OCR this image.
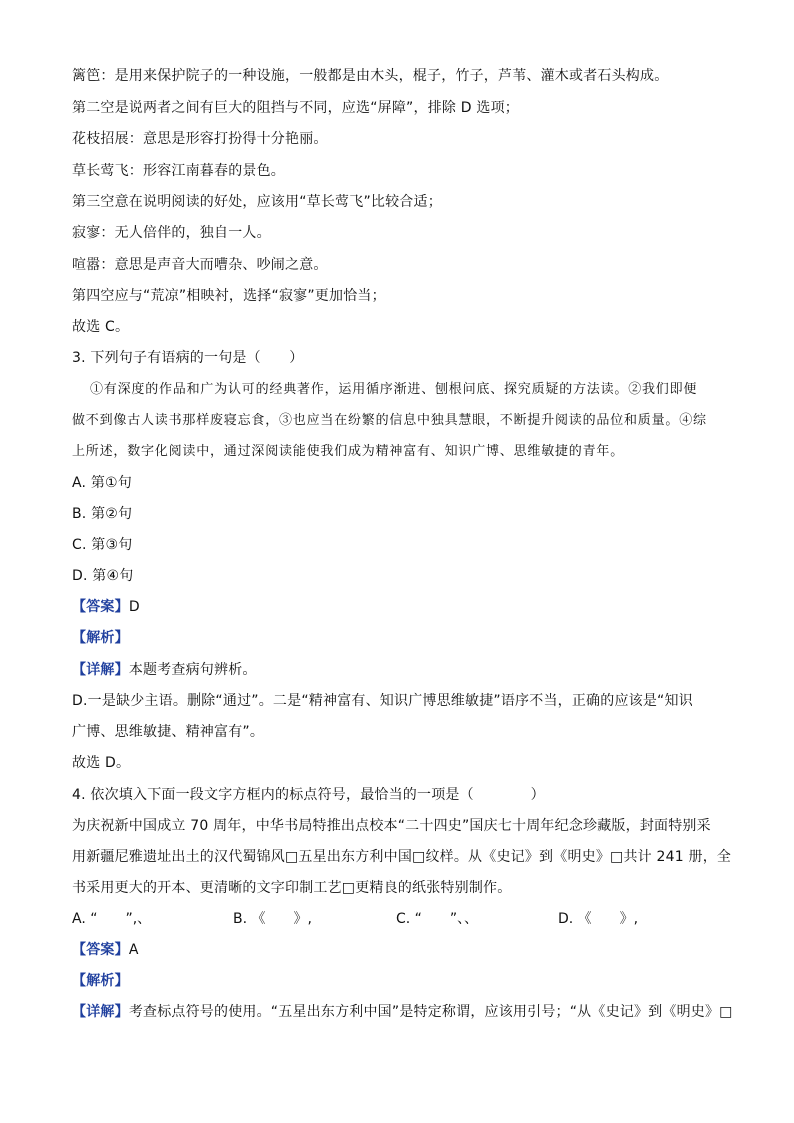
篱笆：是用来保护院子的一种设施，一般都是由木头，棍子，竹子，芦苇、灌木或者石头构成。
第二空是说两者之间有巨大的阻挡与不同，应选“屏障”，排除 D 选项；
花枝招展：意思是形容打扮得十分艳丽。
草长莺飞：形容江南暮春的景色。
第三空意在说明阅读的好处，应该用“草长莺飞”比较合适；
寂寥：无人倍伴的，独自一人。
喧嚣：意思是声音大而嘈杂、吵闹之意。
第四空应与“荒凉”相映衬，选择“寂寥”更加恰当；
故选 C。
3. 下列句子有语病的一句是（　　）
①有深度的作品和广为认可的经典著作，运用循序渐进、刨根问底、探究质疑的方法读。②我们即便
做不到像古人读书那样废寝忘食，③也应当在纷繁的信息中独具慧眼，不断提升阅读的品位和质量。④综
上所述，数字化阅读中，通过深阅读能使我们成为精神富有、知识广博、思维敏捷的青年。
A. 第①句
B. 第②句
C. 第③句
D. 第④句
【答案】D
【解析】
【详解】本题考查病句辨析。
D.一是缺少主语。删除“通过”。二是“精神富有、知识广博思维敏捷”语序不当，正确的应该是“知识
广博、思维敏捷、精神富有”。
故选 D。
4. 依次填入下面一段文字方框内的标点符号，最恰当的一项是（　　　　）
为庆祝新中国成立 70 周年，中华书局特推出点校本“二十四史”国庆七十周年纪念珍藏版，封面特别采
用新疆尼雅遗址出土的汉代蜀锦风□五星出东方利中国□纹样。从《史记》到《明史》□共计 241 册，全
书采用更大的开本、更清晰的文字印制工艺□更精良的纸张特别制作。
A. “　　”,、	B. 《　　》,	C. “　　”、、	D. 《　　》,
【答案】A
【解析】
【详解】考查标点符号的使用。“五星出东方利中国”是特定称谓，应该用引号；“从《史记》到《明史》□
